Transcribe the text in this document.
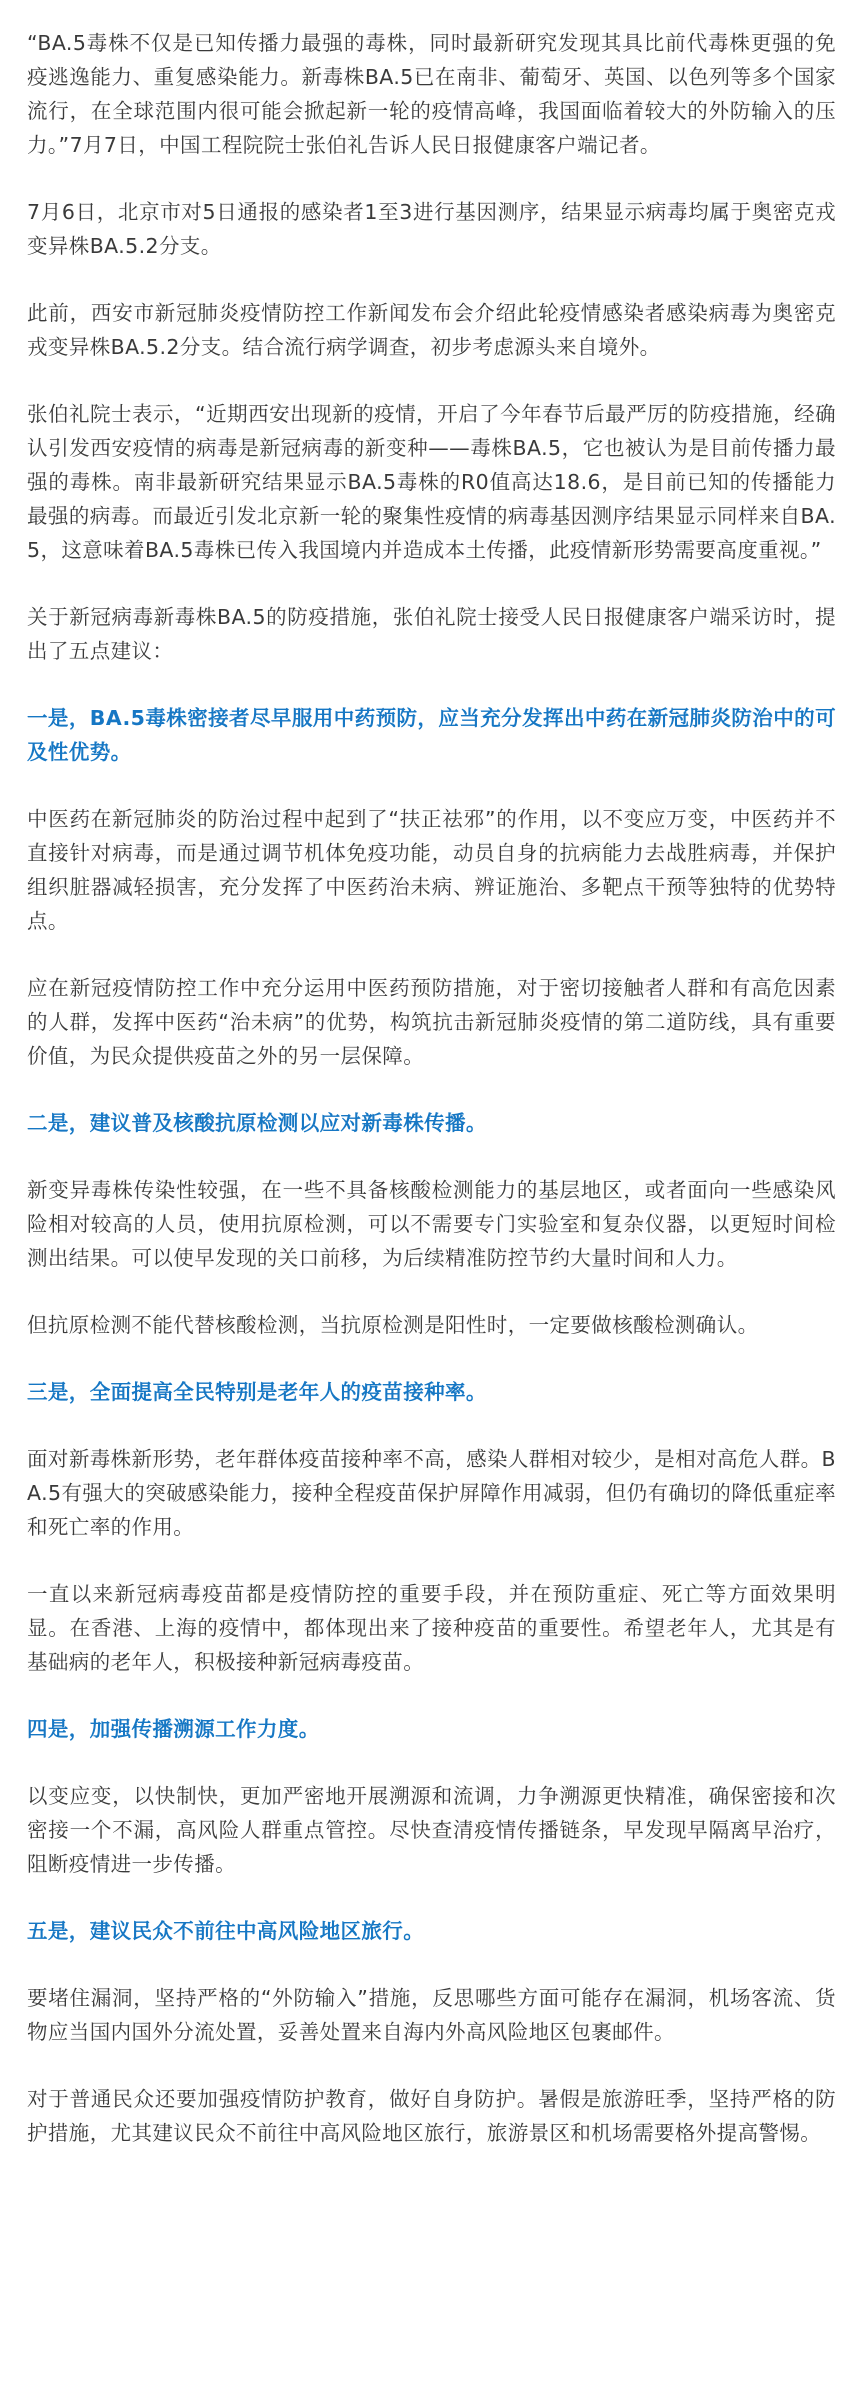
“BA.5毒株不仅是已知传播力最强的毒株，同时最新研究发现其具比前代毒株更强的免疫逃逸能力、重复感染能力。新毒株BA.5已在南非、葡萄牙、英国、以色列等多个国家流行，在全球范围内很可能会掀起新一轮的疫情高峰，我国面临着较大的外防输入的压力。”7月7日，中国工程院院士张伯礼告诉人民日报健康客户端记者。

7月6日，北京市对5日通报的感染者1至3进行基因测序，结果显示病毒均属于奥密克戎变异株BA.5.2分支。

此前，西安市新冠肺炎疫情防控工作新闻发布会介绍此轮疫情感染者感染病毒为奥密克戎变异株BA.5.2分支。结合流行病学调查，初步考虑源头来自境外。

张伯礼院士表示，“近期西安出现新的疫情，开启了今年春节后最严厉的防疫措施，经确认引发西安疫情的病毒是新冠病毒的新变种——毒株BA.5，它也被认为是目前传播力最强的毒株。南非最新研究结果显示BA.5毒株的R0值高达18.6，是目前已知的传播能力最强的病毒。而最近引发北京新一轮的聚集性疫情的病毒基因测序结果显示同样来自BA.5，这意味着BA.5毒株已传入我国境内并造成本土传播，此疫情新形势需要高度重视。”

关于新冠病毒新毒株BA.5的防疫措施，张伯礼院士接受人民日报健康客户端采访时，提出了五点建议：

一是，BA.5毒株密接者尽早服用中药预防，应当充分发挥出中药在新冠肺炎防治中的可及性优势。

中医药在新冠肺炎的防治过程中起到了“扶正祛邪”的作用，以不变应万变，中医药并不直接针对病毒，而是通过调节机体免疫功能，动员自身的抗病能力去战胜病毒，并保护组织脏器减轻损害，充分发挥了中医药治未病、辨证施治、多靶点干预等独特的优势特点。

应在新冠疫情防控工作中充分运用中医药预防措施，对于密切接触者人群和有高危因素的人群，发挥中医药“治未病”的优势，构筑抗击新冠肺炎疫情的第二道防线，具有重要价值，为民众提供疫苗之外的另一层保障。

二是，建议普及核酸抗原检测以应对新毒株传播。

新变异毒株传染性较强，在一些不具备核酸检测能力的基层地区，或者面向一些感染风险相对较高的人员，使用抗原检测，可以不需要专门实验室和复杂仪器，以更短时间检测出结果。可以使早发现的关口前移，为后续精准防控节约大量时间和人力。

但抗原检测不能代替核酸检测，当抗原检测是阳性时，一定要做核酸检测确认。

三是，全面提高全民特别是老年人的疫苗接种率。

面对新毒株新形势，老年群体疫苗接种率不高，感染人群相对较少，是相对高危人群。BA.5有强大的突破感染能力，接种全程疫苗保护屏障作用减弱，但仍有确切的降低重症率和死亡率的作用。

一直以来新冠病毒疫苗都是疫情防控的重要手段，并在预防重症、死亡等方面效果明显。在香港、上海的疫情中，都体现出来了接种疫苗的重要性。希望老年人，尤其是有基础病的老年人，积极接种新冠病毒疫苗。

四是，加强传播溯源工作力度。

以变应变，以快制快，更加严密地开展溯源和流调，力争溯源更快精准，确保密接和次密接一个不漏，高风险人群重点管控。尽快查清疫情传播链条，早发现早隔离早治疗，阻断疫情进一步传播。

五是，建议民众不前往中高风险地区旅行。

要堵住漏洞，坚持严格的“外防输入”措施，反思哪些方面可能存在漏洞，机场客流、货物应当国内国外分流处置，妥善处置来自海内外高风险地区包裹邮件。

对于普通民众还要加强疫情防护教育，做好自身防护。暑假是旅游旺季，坚持严格的防护措施，尤其建议民众不前往中高风险地区旅行，旅游景区和机场需要格外提高警惕。
